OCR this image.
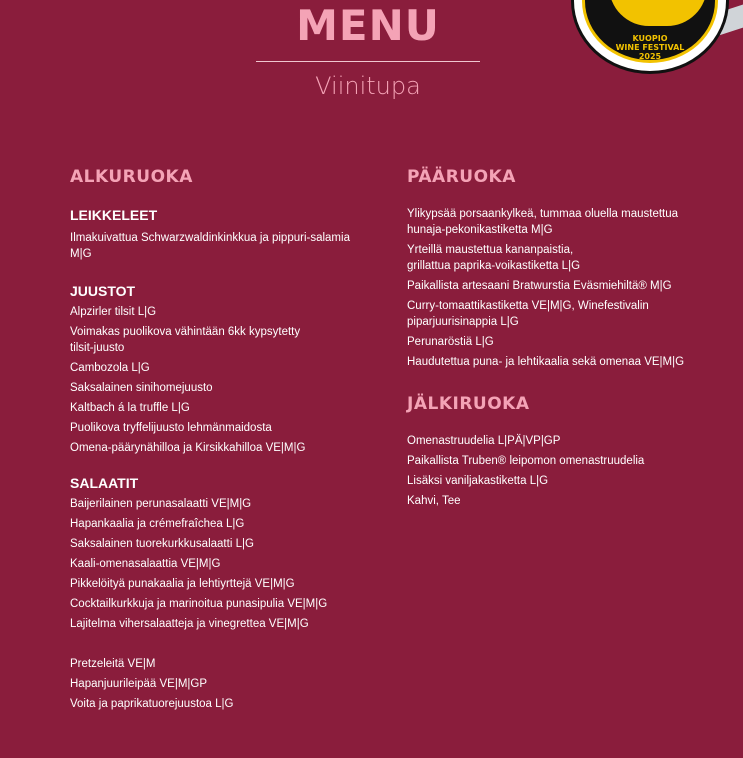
MENU
Viinitupa
KUOPIO
WINE FESTIVAL
2025
ALKURUOKA
LEIKKELEET

Ilmakuivattua Schwarzwaldinkinkkua ja pippuri-salamia
M|G

JUUSTOT

Alpzirler tilsit L|G

Voimakas puolikova vähintään 6kk kypsytetty
tilsit-juusto

Cambozola L|G

Saksalainen sinihomejuusto

Kaltbach á la truffle L|G

Puolikova tryffelijuusto lehmänmaidosta

Omena-päärynähilloa ja Kirsikkahilloa VE|M|G

SALAATIT

Baijerilainen perunasalaatti VE|M|G

Hapankaalia ja crémefraîchea L|G

Saksalainen tuorekurkkusalaatti L|G

Kaali-omenasalaattia VE|M|G

Pikkelöityä punakaalia ja lehtiyrttejä VE|M|G

Cocktailkurkkuja ja marinoitua punasipulia VE|M|G

Lajitelma vihersalaatteja ja vinegrettea VE|M|G

Pretzeleitä VE|M

Hapanjuurileipää VE|M|GP

Voita ja paprikatuorejuustoa L|G

PÄÄRUOKA

Ylikypsää porsaankylkeä, tummaa oluella maustettua
hunaja-pekonikastiketta M|G

Yrteillä maustettua kananpaistia,
grillattua paprika-voikastiketta L|G

Paikallista artesaani Bratwurstia Eväsmiehiltä® M|G

Curry-tomaattikastiketta VE|M|G, Winefestivalin
piparjuurisinappia L|G

Perunaröstiä L|G

Haudutettua puna- ja lehtikaalia sekä omenaa VE|M|G

JÄLKIRUOKA

Omenastruudelia L|PÄ|VP|GP

Paikallista Truben® leipomon omenastruudelia

Lisäksi vaniljakastiketta L|G

Kahvi, Tee
